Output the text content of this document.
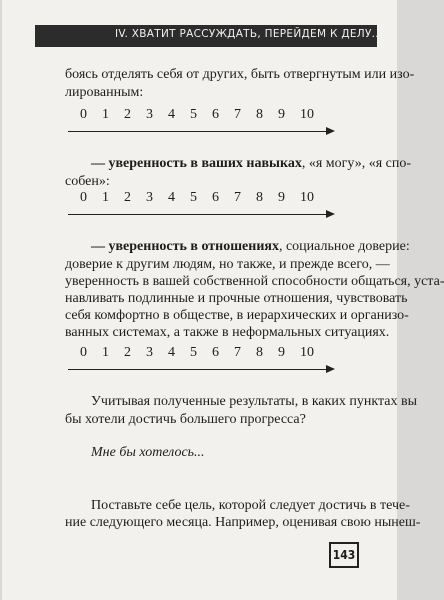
IV. ХВАТИТ РАССУЖДАТЬ, ПЕРЕЙДЕМ К ДЕЛУ...
боясь отделять себя от других, быть отвергнутым или изо-
лированным:
0 1 2 3 4 5 6 7 8 9 10
— уверенность в ваших навыках, «я могу», «я спо-
собен»:
0 1 2 3 4 5 6 7 8 9 10
— уверенность в отношениях, социальное доверие:
доверие к другим людям, но также, и прежде всего, —
уверенность в вашей собственной способности общаться, уста-
навливать подлинные и прочные отношения, чувствовать
себя комфортно в обществе, в иерархических и организо-
ванных системах, а также в неформальных ситуациях.
0 1 2 3 4 5 6 7 8 9 10
Учитывая полученные результаты, в каких пунктах вы
бы хотели достичь большего прогресса?
Мне бы хотелось...
Поставьте себе цель, которой следует достичь в тече-
ние следующего месяца. Например, оценивая свою нынеш-
143
